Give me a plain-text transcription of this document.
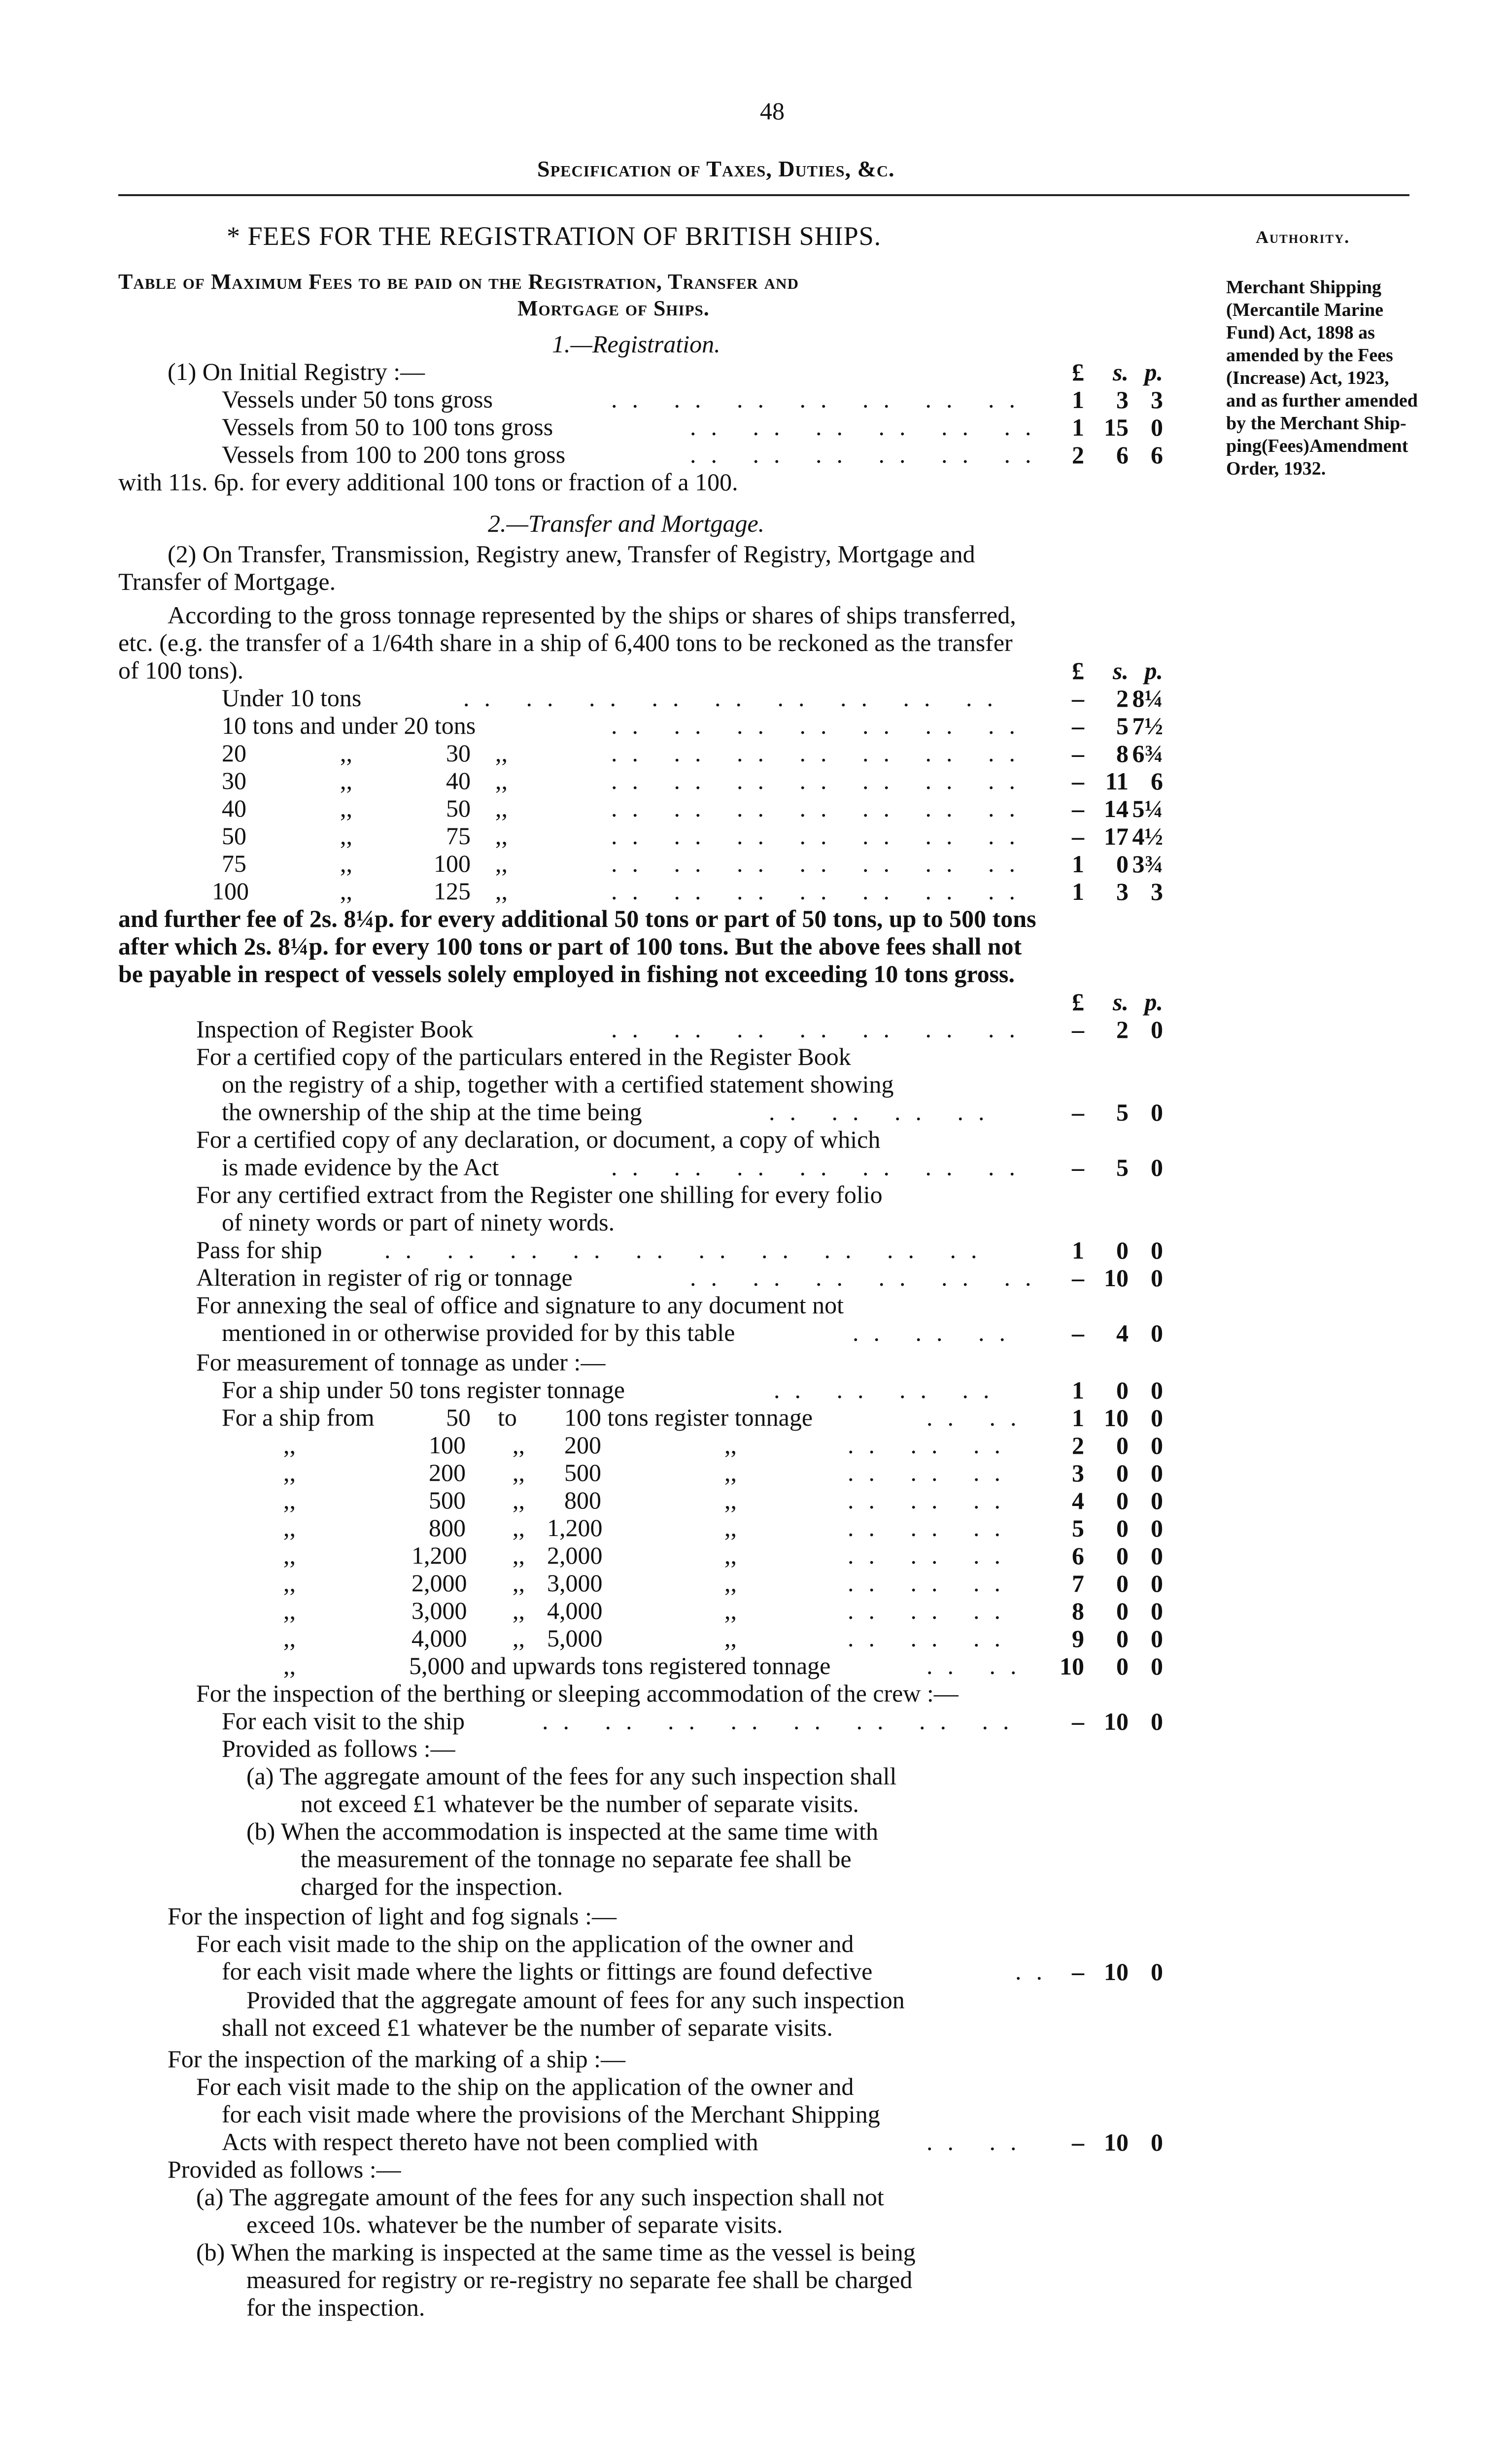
48
Specification of Taxes, Duties, &c.
* FEES FOR THE REGISTRATION OF BRITISH SHIPS.	Authority.
Merchant Shipping
(Mercantile Marine
Fund) Act, 1898 as
amended by the Fees
(Increase) Act, 1923,
and as further amended
by the Merchant Ship-
ping(Fees)Amendment
Order, 1932.
Table of Maximum Fees to be paid on the Registration, Transfer and
Mortgage of Ships.
1.—Registration.
(1) On Initial Registry :—	£ s. p.
Vessels under 50 tons gross	.. .. .. .. .. .. .. 1 3 3
Vessels from 50 to 100 tons gross	.. .. .. .. .. .. 1 15 0
Vessels from 100 to 200 tons gross	.. .. .. .. .. .. 2 6 6
with 11s. 6p. for every additional 100 tons or fraction of a 100.
2.—Transfer and Mortgage.
(2) On Transfer, Transmission, Registry anew, Transfer of Registry, Mortgage and
Transfer of Mortgage.
According to the gross tonnage represented by the ships or shares of ships transferred,
etc. (e.g. the transfer of a 1/64th share in a ship of 6,400 tons to be reckoned as the transfer
of 100 tons).	£ s. p.
Under 10 tons	.. .. .. .. .. .. .. .. ..	– 2 8¼
10 tons and under 20 tons	.. .. .. .. .. .. .. – 5 7½
20	,,	30 ,,	.. .. .. .. .. .. .. – 8 6¾
30	,,	40 ,,	.. .. .. .. .. .. .. – 11 6
40	,,	50 ,,	.. .. .. .. .. .. .. – 14 5¼
50	,,	75 ,,	.. .. .. .. .. .. .. – 17 4½
75	,,	100 ,,	.. .. .. .. .. .. .. 1 0 3¾
100	,,	125 ,,	.. .. .. .. .. .. .. 1 3 3
and further fee of 2s. 8¼p. for every additional 50 tons or part of 50 tons, up to 500 tons
after which 2s. 8¼p. for every 100 tons or part of 100 tons. But the above fees shall not
be payable in respect of vessels solely employed in fishing not exceeding 10 tons gross.
£ s. p.
Inspection of Register Book	.. .. .. .. .. .. .. – 2 0
For a certified copy of the particulars entered in the Register Book
on the registry of a ship, together with a certified statement showing
the ownership of the ship at the time being	.. .. .. ..	– 5 0
For a certified copy of any declaration, or document, a copy of which
is made evidence by the Act	.. .. .. .. .. .. .. – 5 0
For any certified extract from the Register one shilling for every folio
of ninety words or part of ninety words.
Pass for ship	.. .. .. .. .. .. .. .. .. ..	1 0 0
Alteration in register of rig or tonnage	.. .. .. .. .. .. – 10 0
For annexing the seal of office and signature to any document not
mentioned in or otherwise provided for by this table	.. .. .. – 4 0
For measurement of tonnage as under :—
For a ship under 50 tons register tonnage	.. .. .. ..	1 0 0
For a ship from	50 to 100 tons register tonnage	.. .. 1 10 0
,,	100 ,, 200	,,	.. .. .. 2 0 0
,,	200 ,, 500	,,	.. .. .. 3 0 0
,,	500 ,, 800	,,	.. .. .. 4 0 0
,,	800 ,, 1,200	,,	.. .. .. 5 0 0
,,	1,200 ,, 2,000	,,	.. .. .. 6 0 0
,,	2,000 ,, 3,000	,,	.. .. .. 7 0 0
,,	3,000 ,, 4,000	,,	.. .. .. 8 0 0
,,	4,000 ,, 5,000	,,	.. .. .. 9 0 0
,,	5,000 and upwards tons registered tonnage	.. .. 10 0 0
For the inspection of the berthing or sleeping accommodation of the crew :—
For each visit to the ship	.. .. .. .. .. .. .. .. – 10 0
Provided as follows :—
(a) The aggregate amount of the fees for any such inspection shall
not exceed £1 whatever be the number of separate visits.
(b) When the accommodation is inspected at the same time with
the measurement of the tonnage no separate fee shall be
charged for the inspection.
For the inspection of light and fog signals :—
For each visit made to the ship on the application of the owner and
for each visit made where the lights or fittings are found defective	.. – 10 0
Provided that the aggregate amount of fees for any such inspection
shall not exceed £1 whatever be the number of separate visits.
For the inspection of the marking of a ship :—
For each visit made to the ship on the application of the owner and
for each visit made where the provisions of the Merchant Shipping
Acts with respect thereto have not been complied with	.. .. – 10 0
Provided as follows :—
(a) The aggregate amount of the fees for any such inspection shall not
exceed 10s. whatever be the number of separate visits.
(b) When the marking is inspected at the same time as the vessel is being
measured for registry or re-registry no separate fee shall be charged
for the inspection.
